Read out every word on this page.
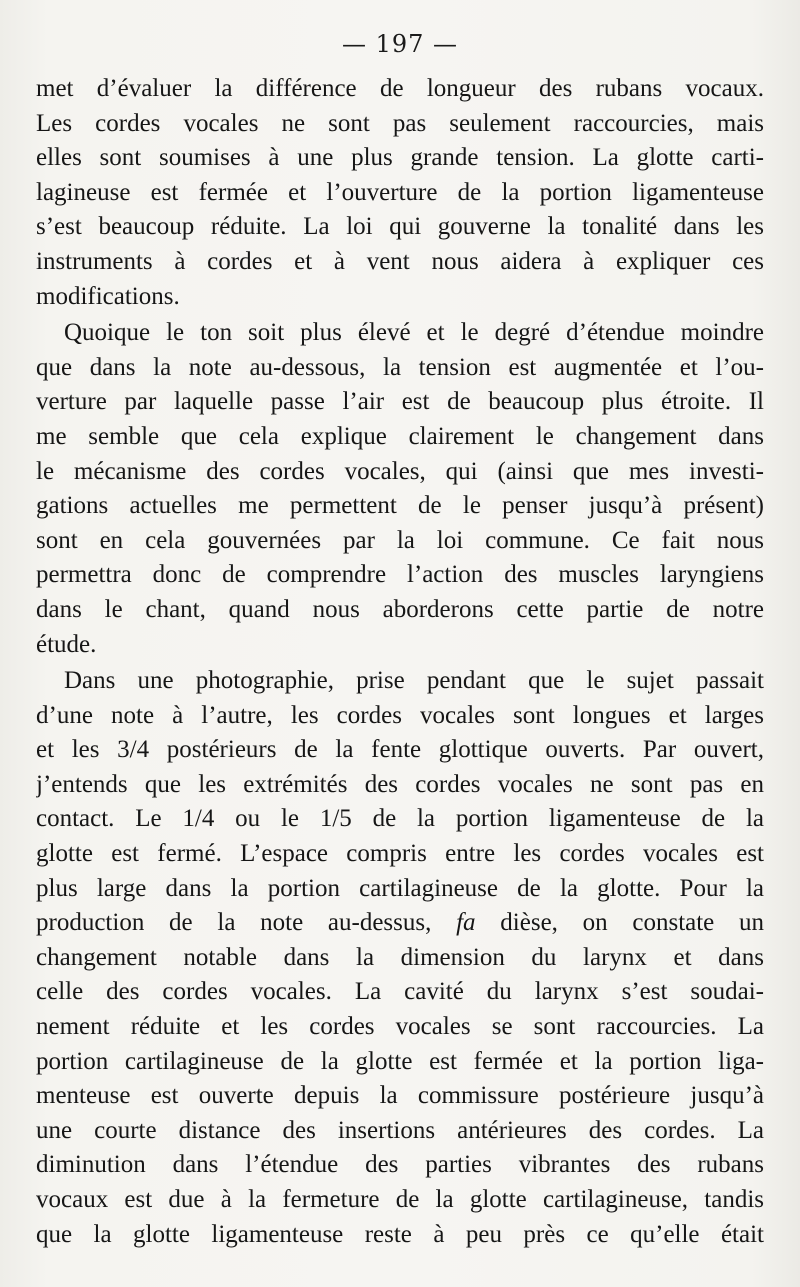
— 197 —
met d’évaluer la différence de longueur des rubans vocaux.
Les cordes vocales ne sont pas seulement raccourcies, mais
elles sont soumises à une plus grande tension. La glotte carti-
lagineuse est fermée et l’ouverture de la portion ligamenteuse
s’est beaucoup réduite. La loi qui gouverne la tonalité dans les
instruments à cordes et à vent nous aidera à expliquer ces
modifications.
Quoique le ton soit plus élevé et le degré d’étendue moindre
que dans la note au-dessous, la tension est augmentée et l’ou-
verture par laquelle passe l’air est de beaucoup plus étroite. Il
me semble que cela explique clairement le changement dans
le mécanisme des cordes vocales, qui (ainsi que mes investi-
gations actuelles me permettent de le penser jusqu’à présent)
sont en cela gouvernées par la loi commune. Ce fait nous
permettra donc de comprendre l’action des muscles laryngiens
dans le chant, quand nous aborderons cette partie de notre
étude.
Dans une photographie, prise pendant que le sujet passait
d’une note à l’autre, les cordes vocales sont longues et larges
et les 3/4 postérieurs de la fente glottique ouverts. Par ouvert,
j’entends que les extrémités des cordes vocales ne sont pas en
contact. Le 1/4 ou le 1/5 de la portion ligamenteuse de la
glotte est fermé. L’espace compris entre les cordes vocales est
plus large dans la portion cartilagineuse de la glotte. Pour la
production de la note au-dessus, fa dièse, on constate un
changement notable dans la dimension du larynx et dans
celle des cordes vocales. La cavité du larynx s’est soudai-
nement réduite et les cordes vocales se sont raccourcies. La
portion cartilagineuse de la glotte est fermée et la portion liga-
menteuse est ouverte depuis la commissure postérieure jusqu’à
une courte distance des insertions antérieures des cordes. La
diminution dans l’étendue des parties vibrantes des rubans
vocaux est due à la fermeture de la glotte cartilagineuse, tandis
que la glotte ligamenteuse reste à peu près ce qu’elle était
